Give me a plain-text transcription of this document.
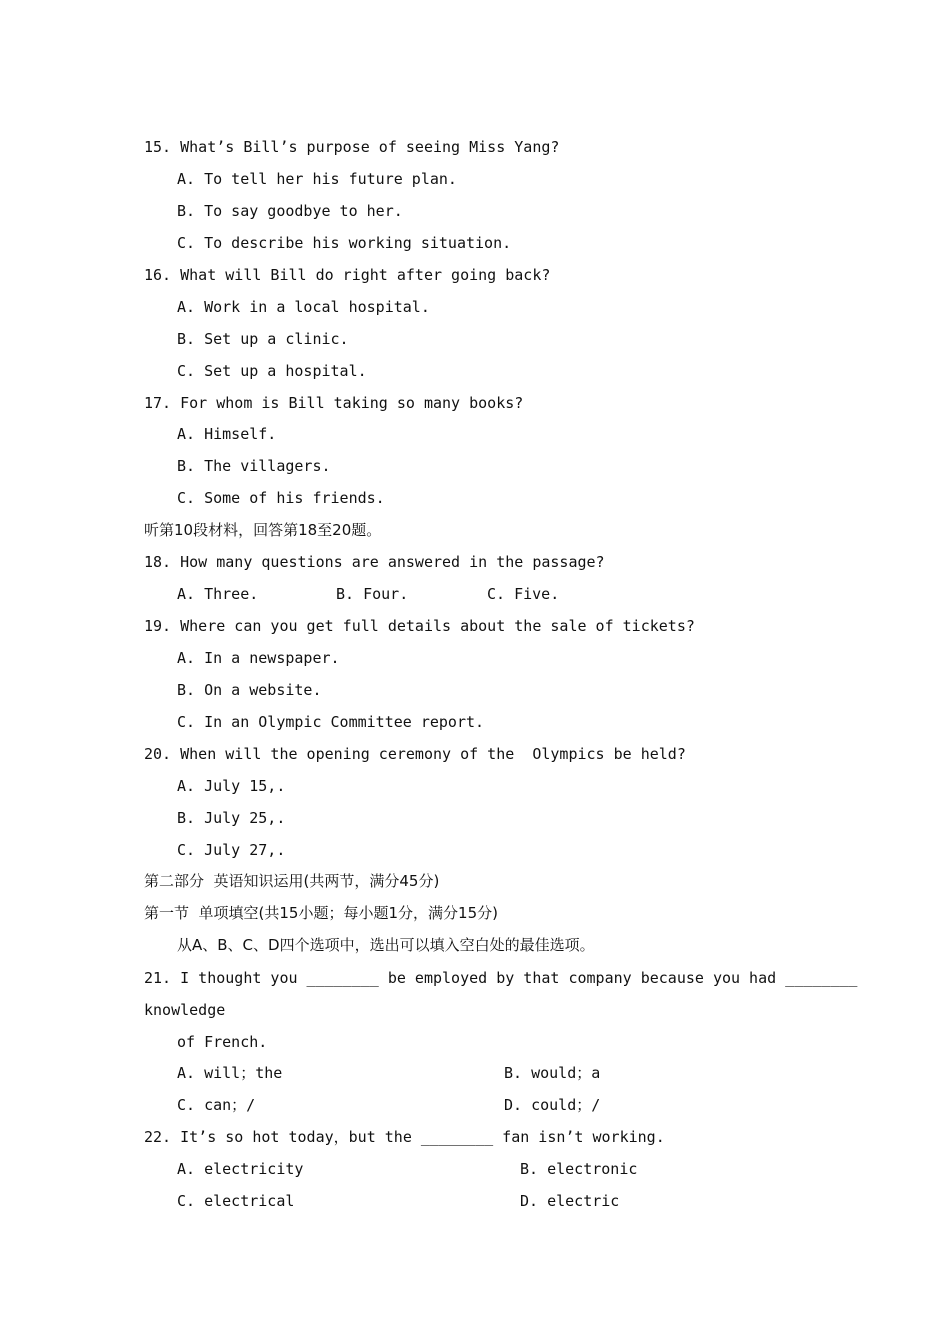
15. What’s Bill’s purpose of seeing Miss Yang?
A. To tell her his future plan.
B. To say goodbye to her.
C. To describe his working situation.
16. What will Bill do right after going back?
A. Work in a local hospital.
B. Set up a clinic.
C. Set up a hospital.
17. For whom is Bill taking so many books?
A. Himself.
B. The villagers.
C. Some of his friends.
听第10段材料，回答第18至20题。
18. How many questions are answered in the passage?
A. Three.	B. Four.	C. Five.
19. Where can you get full details about the sale of tickets?
A. In a newspaper.
B. On a website.
C. In an Olympic Committee report.
20. When will the opening ceremony of the  Olympics be held?
A. July 15,.
B. July 25,.
C. July 27,.
第二部分  英语知识运用(共两节，满分45分)
第一节  单项填空(共15小题；每小题1分，满分15分)
从A、B、C、D四个选项中，选出可以填入空白处的最佳选项。
21. I thought you ________ be employed by that company because you had ________
knowledge
of French.
A. will；the	B. would；a
C. can；/	D. could；/
22. It’s so hot today，but the ________ fan isn’t working.
A. electricity	B. electronic
C. electrical	D. electric
